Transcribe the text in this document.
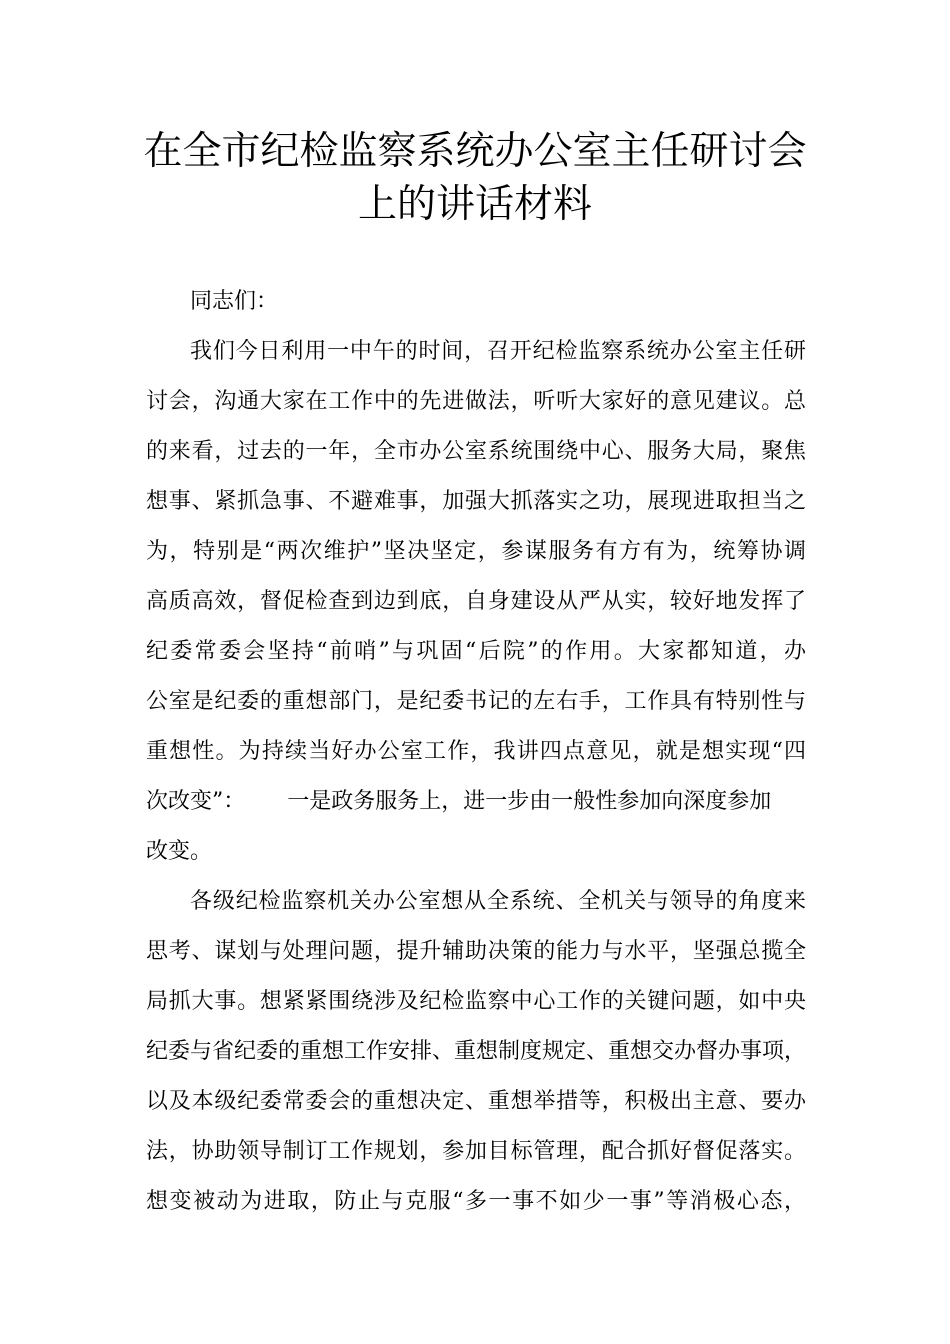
在全市纪检监察系统办公室主任研讨会
上的讲话材料
同志们：
我们今日利用一中午的时间，召开纪检监察系统办公室主任研
讨会，沟通大家在工作中的先进做法，听听大家好的意见建议。总
的来看，过去的一年，全市办公室系统围绕中心、服务大局，聚焦
想事、紧抓急事、不避难事，加强大抓落实之功，展现进取担当之
为，特别是“两次维护”坚决坚定，参谋服务有方有为，统筹协调
高质高效，督促检查到边到底，自身建设从严从实，较好地发挥了
纪委常委会坚持“前哨”与巩固“后院”的作用。大家都知道，办
公室是纪委的重想部门，是纪委书记的左右手，工作具有特别性与
重想性。为持续当好办公室工作，我讲四点意见，就是想实现“四
次改变”：      一是政务服务上，进一步由一般性参加向深度参加
改变。
各级纪检监察机关办公室想从全系统、全机关与领导的角度来
思考、谋划与处理问题，提升辅助决策的能力与水平，坚强总揽全
局抓大事。想紧紧围绕涉及纪检监察中心工作的关键问题，如中央
纪委与省纪委的重想工作安排、重想制度规定、重想交办督办事项，
以及本级纪委常委会的重想决定、重想举措等，积极出主意、要办
法，协助领导制订工作规划，参加目标管理，配合抓好督促落实。
想变被动为进取，防止与克服“多一事不如少一事”等消极心态，
